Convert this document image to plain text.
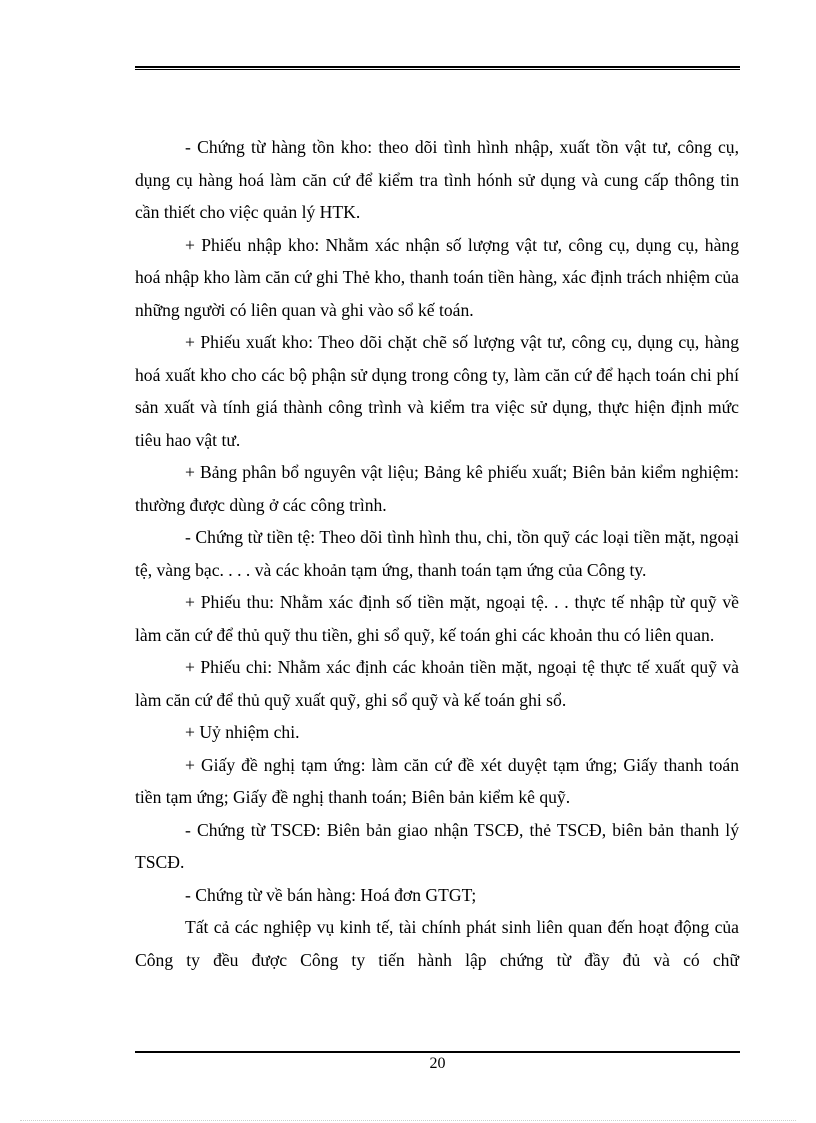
- Chứng từ hàng tồn kho: theo dõi tình hình nhập, xuất tồn vật tư, công cụ, dụng cụ hàng hoá làm căn cứ để kiểm tra tình hónh sử dụng và cung cấp thông tin cần thiết cho việc quản lý HTK.

+ Phiếu nhập kho: Nhằm xác nhận số lượng vật tư, công cụ, dụng cụ, hàng hoá nhập kho làm căn cứ ghi Thẻ kho, thanh toán tiền hàng, xác định trách nhiệm của những người có liên quan và ghi vào sổ kế toán.

+ Phiếu xuất kho: Theo dõi chặt chẽ số lượng vật tư, công cụ, dụng cụ, hàng hoá xuất kho cho các bộ phận sử dụng trong công ty, làm căn cứ để hạch toán chi phí sản xuất và tính giá thành công trình và kiểm tra việc sử dụng, thực hiện định mức tiêu hao vật tư.

+ Bảng phân bổ nguyên vật liệu; Bảng kê phiếu xuất; Biên bản kiểm nghiệm: thường được dùng ở các công trình.

- Chứng từ tiền tệ: Theo dõi tình hình thu, chi, tồn quỹ các loại tiền mặt, ngoại tệ, vàng bạc. . . . và các khoản tạm ứng, thanh toán tạm ứng của Công ty.

+ Phiếu thu: Nhằm xác định số tiền mặt, ngoại tệ. . . thực tế nhập từ quỹ về làm căn cứ để thủ quỹ thu tiền, ghi sổ quỹ, kế toán ghi các khoản thu có liên quan.

+ Phiếu chi: Nhằm xác định các khoản tiền mặt, ngoại tệ thực tế xuất quỹ và làm căn cứ để thủ quỹ xuất quỹ, ghi sổ quỹ và kế toán ghi sổ.

+ Uỷ nhiệm chi.

+ Giấy đề nghị tạm ứng: làm căn cứ đề xét duyệt tạm ứng; Giấy thanh toán tiền tạm ứng; Giấy đề nghị thanh toán; Biên bản kiểm kê quỹ.

- Chứng từ TSCĐ: Biên bản giao nhận TSCĐ, thẻ TSCĐ, biên bản thanh lý TSCĐ.

- Chứng từ về bán hàng: Hoá đơn GTGT;

Tất cả các nghiệp vụ kinh tế, tài chính phát sinh liên quan đến hoạt động của Công ty đều được Công ty tiến hành lập chứng từ đầy đủ và có chữ

20
